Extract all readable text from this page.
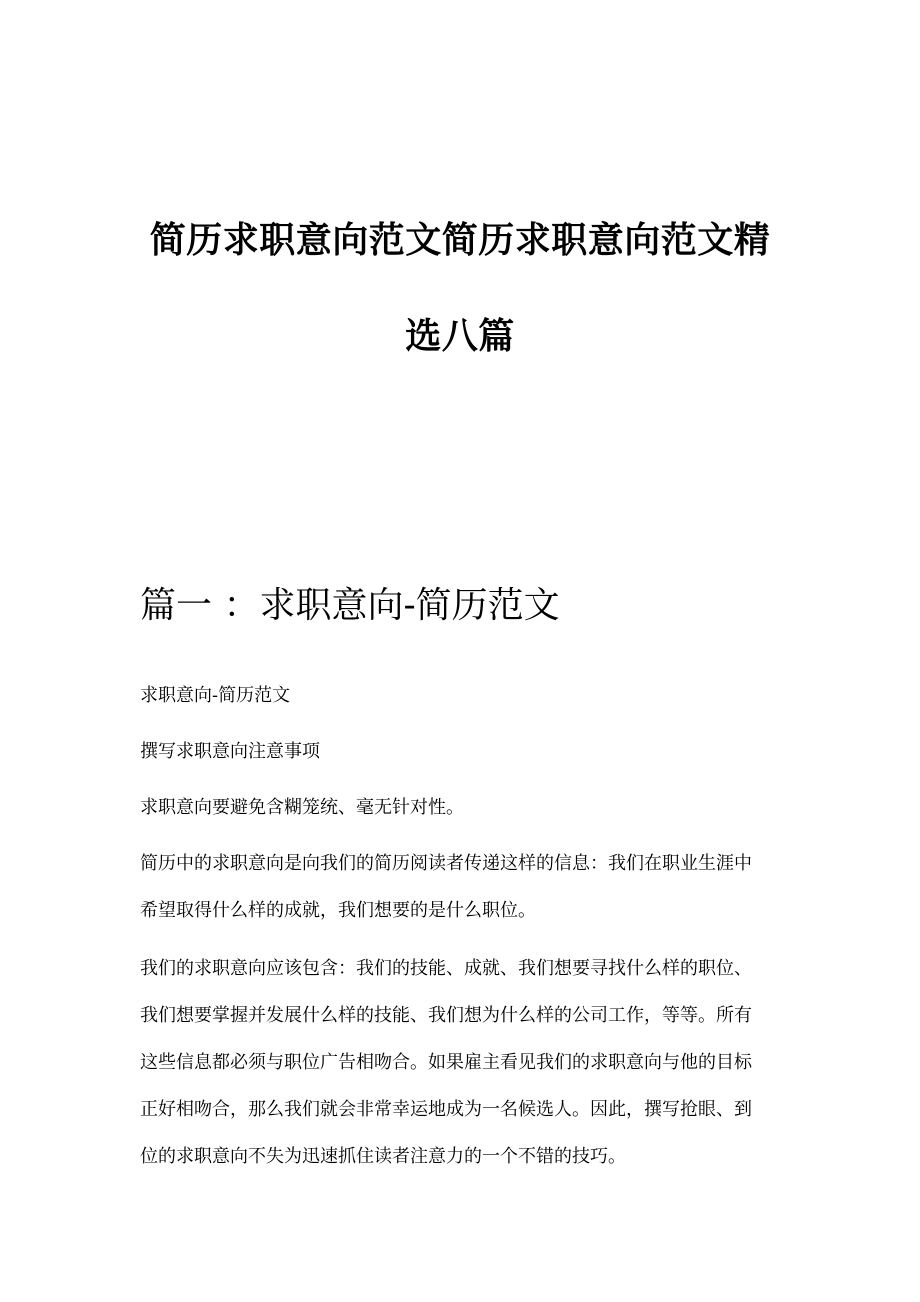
简历求职意向范文简历求职意向范文精
选八篇
篇一 ：求职意向-简历范文

求职意向-简历范文

撰写求职意向注意事项

求职意向要避免含糊笼统、毫无针对性。

简历中的求职意向是向我们的简历阅读者传递这样的信息：我们在职业生涯中
希望取得什么样的成就，我们想要的是什么职位。

我们的求职意向应该包含：我们的技能、成就、我们想要寻找什么样的职位、
我们想要掌握并发展什么样的技能、我们想为什么样的公司工作，等等。所有
这些信息都必须与职位广告相吻合。如果雇主看见我们的求职意向与他的目标
正好相吻合，那么我们就会非常幸运地成为一名候选人。因此，撰写抢眼、到
位的求职意向不失为迅速抓住读者注意力的一个不错的技巧。
